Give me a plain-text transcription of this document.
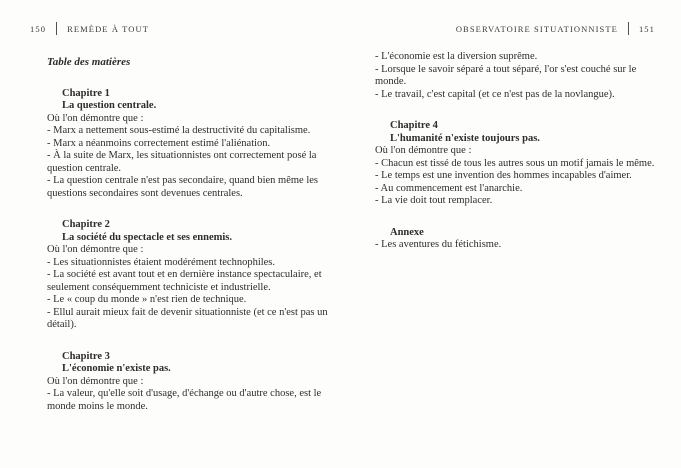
150 REMÈDE À TOUT	OBSERVATOIRE SITUATIONNISTE 151

Table des matières

Chapitre 1

La question centrale.

Où l'on démontre que :

- Marx a nettement sous-estimé la destructivité du capitalisme.

- Marx a néanmoins correctement estimé l'aliénation.

- À la suite de Marx, les situationnistes ont correctement posé la question centrale.

- La question centrale n'est pas secondaire, quand bien même les questions secondaires sont devenues centrales.

Chapitre 2

La société du spectacle et ses ennemis.

Où l'on démontre que :

- Les situationnistes étaient modérément technophiles.

- La société est avant tout et en dernière instance spectaculaire, et seulement conséquemment techniciste et industrielle.

- Le « coup du monde » n'est rien de technique.

- Ellul aurait mieux fait de devenir situationniste (et ce n'est pas un détail).

Chapitre 3

L'économie n'existe pas.

Où l'on démontre que :

- La valeur, qu'elle soit d'usage, d'échange ou d'autre chose, est le monde moins le monde.

- L'économie est la diversion suprême.

- Lorsque le savoir séparé a tout séparé, l'or s'est couché sur le monde.

- Le travail, c'est capital (et ce n'est pas de la novlangue).

Chapitre 4

L'humanité n'existe toujours pas.

Où l'on démontre que :

- Chacun est tissé de tous les autres sous un motif jamais le même.

- Le temps est une invention des hommes incapables d'aimer.

- Au commencement est l'anarchie.

- La vie doit tout remplacer.

Annexe

- Les aventures du fétichisme.
